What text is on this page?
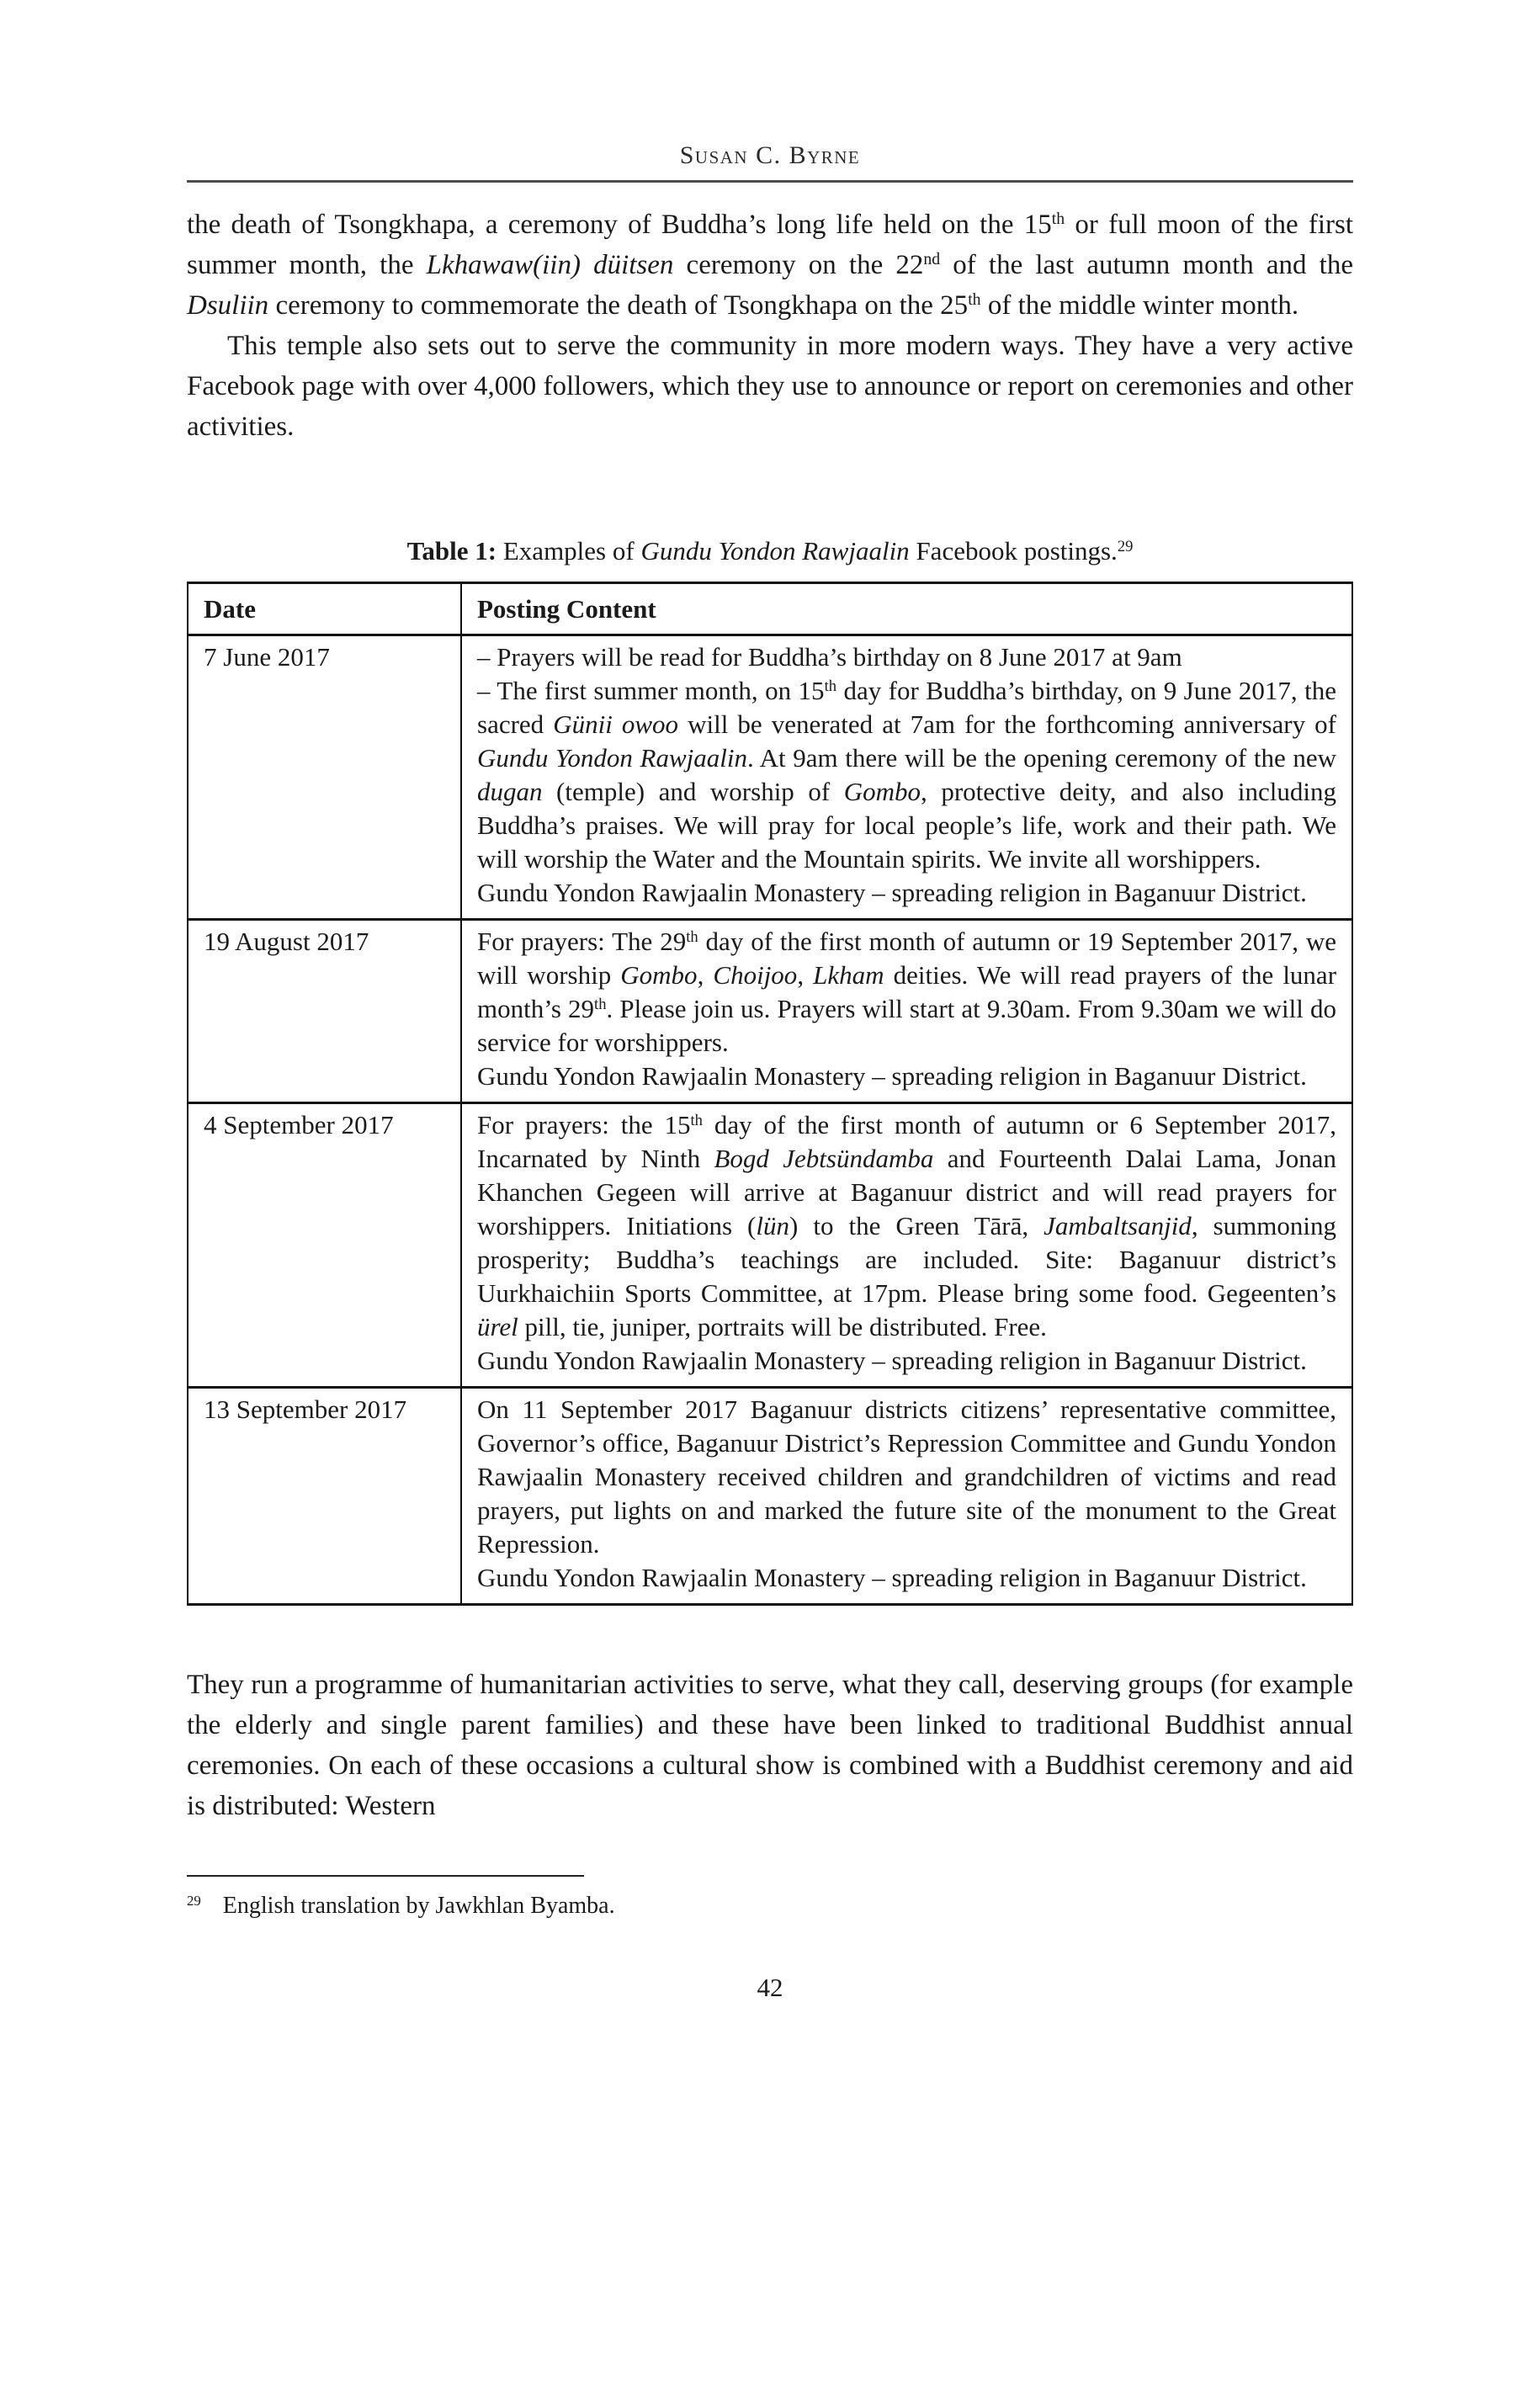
Susan C. Byrne

the death of Tsongkhapa, a ceremony of Buddha’s long life held on the 15th or full moon of the first summer month, the Lkhawaw(iin) düitsen ceremony on the 22nd of the last autumn month and the Dsuliin ceremony to commemorate the death of Tsongkhapa on the 25th of the middle winter month.

This temple also sets out to serve the community in more modern ways. They have a very active Facebook page with over 4,000 followers, which they use to announce or report on ceremonies and other activities.

Table 1: Examples of Gundu Yondon Rawjaalin Facebook postings.$^{29}$
Date	Posting Content
7 June 2017	– Prayers will be read for Buddha’s birthday on 8 June 2017 at 9am
– The first summer month, on 15th day for Buddha’s birthday, on 9 June 2017, the sacred Günii owoo will be venerated at 7am for the forthcoming anniversary of Gundu Yondon Rawjaalin. At 9am there will be the opening ceremony of the new dugan (temple) and worship of Gombo, protective deity, and also including Buddha’s praises. We will pray for local people’s life, work and their path. We will worship the Water and the Mountain spirits. We invite all worshippers.
Gundu Yondon Rawjaalin Monastery – spreading religion in Baganuur District.

19 August 2017	For prayers: The 29th day of the first month of autumn or 19 September 2017, we will worship Gombo, Choijoo, Lkham deities. We will read prayers of the lunar month’s 29th. Please join us. Prayers will start at 9.30am. From 9.30am we will do service for worshippers.
Gundu Yondon Rawjaalin Monastery – spreading religion in Baganuur District.

4 September 2017	For prayers: the 15th day of the first month of autumn or 6 September 2017, Incarnated by Ninth Bogd Jebtsündamba and Fourteenth Dalai Lama, Jonan Khanchen Gegeen will arrive at Baganuur district and will read prayers for worshippers. Initiations (lün) to the Green Tārā, Jambaltsanjid, summoning prosperity; Buddha’s teachings are included. Site: Baganuur district’s Uurkhaichiin Sports Committee, at 17pm. Please bring some food. Gegeenten’s ürel pill, tie, juniper, portraits will be distributed. Free.
Gundu Yondon Rawjaalin Monastery – spreading religion in Baganuur District.

13 September 2017	On 11 September 2017 Baganuur districts citizens’ representative committee, Governor’s office, Baganuur District’s Repression Committee and Gundu Yondon Rawjaalin Monastery received children and grandchildren of victims and read prayers, put lights on and marked the future site of the monument to the Great Repression.
Gundu Yondon Rawjaalin Monastery – spreading religion in Baganuur District.

They run a programme of humanitarian activities to serve, what they call, deserving groups (for example the elderly and single parent families) and these have been linked to traditional Buddhist annual ceremonies. On each of these occasions a cultural show is combined with a Buddhist ceremony and aid is distributed: Western

$^{29}$ English translation by Jawkhlan Byamba.
42
